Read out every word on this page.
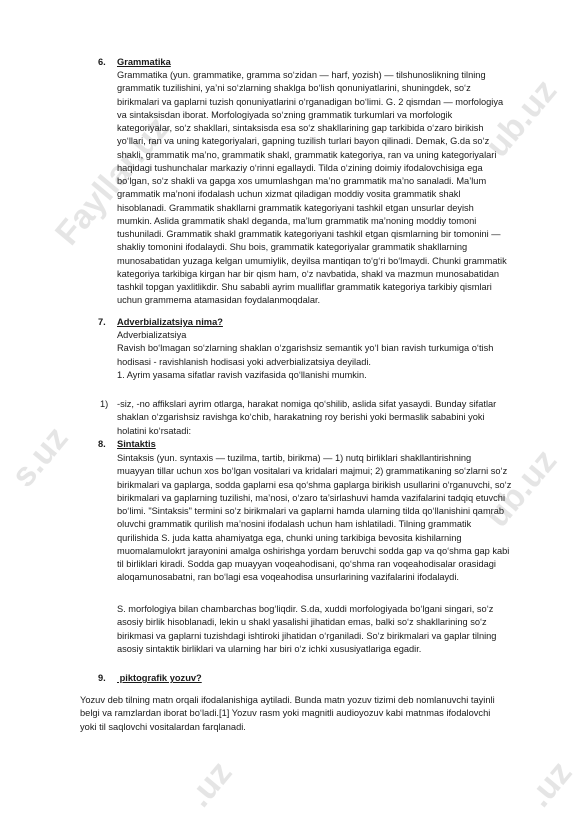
Fayllar.uz	ub.uz
s.uz	ub.uz
.uz	.uz
6. Grammatika
Grammatika (yun. grammatike, gramma so‘zidan — harf, yozish) — tilshunoslikning tilning
grammatik tuzilishini, ya’ni so‘zlarning shaklga bo‘lish qonuniyatlarini, shuningdek, so‘z
birikmalari va gaplarni tuzish qonuniyatlarini o‘rganadigan bo‘limi. G. 2 qismdan — morfologiya
va sintaksisdan iborat. Morfologiyada so‘zning grammatik turkumlari va morfologik
kategoriyalar, so‘z shakllari, sintaksisda esa so‘z shakllarining gap tarkibida o‘zaro birikish
yo‘llari, ran va uning kategoriyalari, gapning tuzilish turlari bayon qilinadi. Demak, G.da so‘z
shakli, grammatik ma’no, grammatik shakl, grammatik kategoriya, ran va uning kategoriyalari
haqidagi tushunchalar markaziy o‘rinni egallaydi. Tilda o‘zining doimiy ifodalovchisiga ega
bo‘lgan, so‘z shakli va gapga xos umumlashgan ma’no grammatik ma’no sanaladi. Ma’lum
grammatik ma’noni ifodalash uchun xizmat qiladigan moddiy vosita grammatik shakl
hisoblanadi. Grammatik shakllarni grammatik kategoriyani tashkil etgan unsurlar deyish
mumkin. Aslida grammatik shakl deganda, ma’lum grammatik ma’noning moddiy tomoni
tushuniladi. Grammatik shakl grammatik kategoriyani tashkil etgan qismlarning bir tomonini —
shakliy tomonini ifodalaydi. Shu bois, grammatik kategoriyalar grammatik shakllarning
munosabatidan yuzaga kelgan umumiylik, deyilsa mantiqan to‘g‘ri bo‘lmaydi. Chunki grammatik
kategoriya tarkibiga kirgan har bir qism ham, o‘z navbatida, shakl va mazmun munosabatidan
tashkil topgan yaxlitlikdir. Shu sababli ayrim mualliflar grammatik kategoriya tarkibiy qismlari
uchun grammema atamasidan foydalanmoqdalar.
7. Adverbializatsiya nima?
Adverbializatsiya
Ravish bo‘lmagan so‘zlarning shaklan o‘zgarishsiz semantik yo‘l bian ravish turkumiga o‘tish
hodisasi - ravishlanish hodisasi yoki adverbializatsiya deyiladi.
1. Ayrim yasama sifatlar ravish vazifasida qo‘llanishi mumkin.
1) -siz, -no affikslari ayrim otlarga, harakat nomiga qo‘shilib, aslida sifat yasaydi. Bunday sifatlar
shaklan o‘zgarishsiz ravishga ko‘chib, harakatning roy berishi yoki bermaslik sababini yoki
holatini ko‘rsatadi:
8. Sintaktis
Sintaksis (yun. syntaxis — tuzilma, tartib, birikma) — 1) nutq birliklari shakllantirishning
muayyan tillar uchun xos bo‘lgan vositalari va kridalari majmui; 2) grammatikaning so‘zlarni so‘z
birikmalari va gaplarga, sodda gaplarni esa qo‘shma gaplarga birikish usullarini o‘rganuvchi, so‘z
birikmalari va gaplarning tuzilishi, ma’nosi, o‘zaro ta’sirlashuvi hamda vazifalarini tadqiq etuvchi
bo‘limi. "Sintaksis" termini so‘z birikmalari va gaplarni hamda ularning tilda qo‘llanishini qamrab
oluvchi grammatik qurilish ma’nosini ifodalash uchun ham ishlatiladi. Tilning grammatik
qurilishida S. juda katta ahamiyatga ega, chunki uning tarkibiga bevosita kishilarning
muomalamulokrt jarayonini amalga oshirishga yordam beruvchi sodda gap va qo‘shma gap kabi
til birliklari kiradi. Sodda gap muayyan voqeahodisani, qo‘shma ran voqeahodisalar orasidagi
aloqamunosabatni, ran bo‘lagi esa voqeahodisa unsurlarining vazifalarini ifodalaydi.
S. morfologiya bilan chambarchas bog‘liqdir. S.da, xuddi morfologiyada bo‘lgani singari, so‘z
asosiy birlik hisoblanadi, lekin u shakl yasalishi jihatidan emas, balki so‘z shakllarining so‘z
birikmasi va gaplarni tuzishdagi ishtiroki jihatidan o‘rganiladi. So‘z birikmalari va gaplar tilning
asosiy sintaktik birliklari va ularning har biri o‘z ichki xususiyatlariga egadir.
9. piktografik yozuv?
Yozuv deb tilning matn orqali ifodalanishiga aytiladi. Bunda matn yozuv tizimi deb nomlanuvchi tayinli
belgi va ramzlardan iborat bo‘ladi.[1] Yozuv rasm yoki magnitli audioyozuv kabi matnmas ifodalovchi
yoki til saqlovchi vositalardan farqlanadi.
